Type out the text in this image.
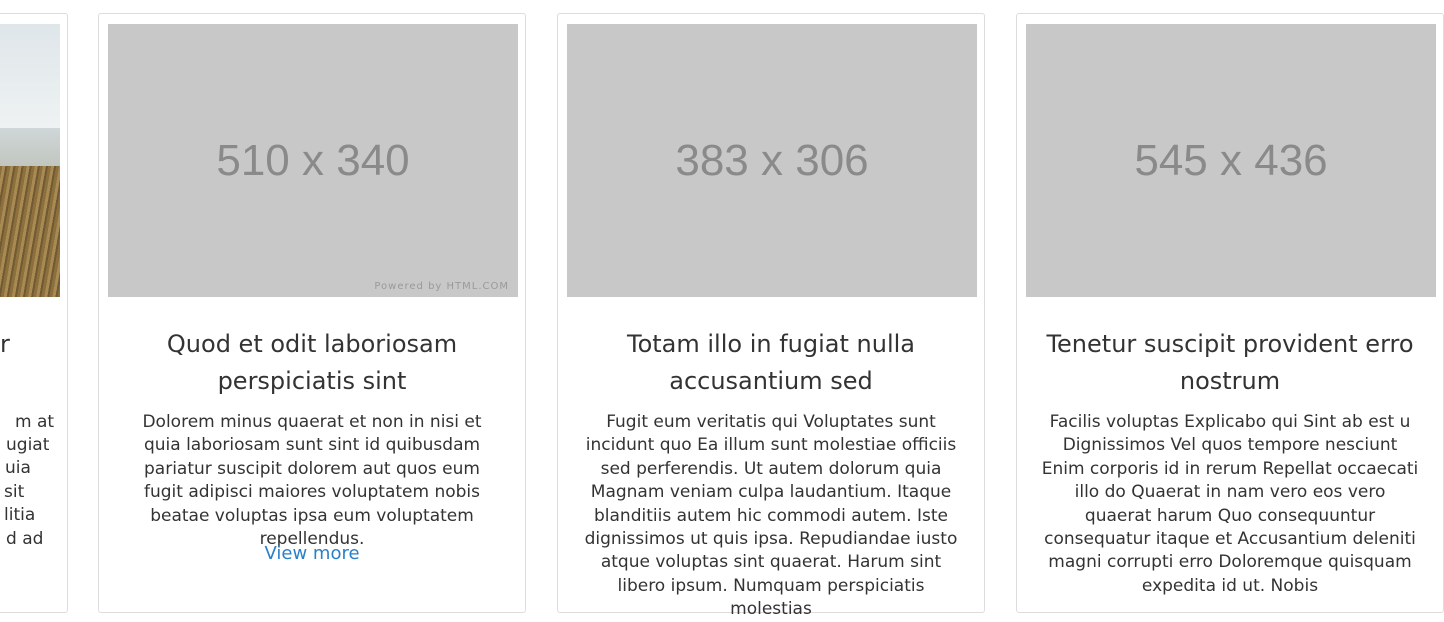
r
m at
ugiat
uia
sit
litia
d ad
510 x 340
Powered by HTML.COM
Quod et odit laboriosam perspiciatis sint

Dolorem minus quaerat et non in nisi et quia laboriosam sunt sint id quibusdam pariatur suscipit dolorem aut quos eum fugit adipisci maiores voluptatem nobis beatae voluptas ipsa eum voluptatem repellendus.

View more
383 x 306
Totam illo in fugiat nulla accusantium sed

Fugit eum veritatis qui Voluptates sunt incidunt quo Ea illum sunt molestiae officiis sed perferendis. Ut autem dolorum quia Magnam veniam culpa laudantium. Itaque blanditiis autem hic commodi autem. Iste dignissimos ut quis ipsa. Repudiandae iusto atque voluptas sint quaerat. Harum sint libero ipsum. Numquam perspiciatis molestias

545 x 436
Tenetur suscipit provident erro nostrum

Facilis voluptas Explicabo qui Sint ab est u Dignissimos Vel quos tempore nesciunt Enim corporis id in rerum Repellat occaecati illo do Quaerat in nam vero eos vero quaerat harum Quo consequuntur consequatur itaque et Accusantium deleniti magni corrupti erro Doloremque quisquam expedita id ut. Nobis
